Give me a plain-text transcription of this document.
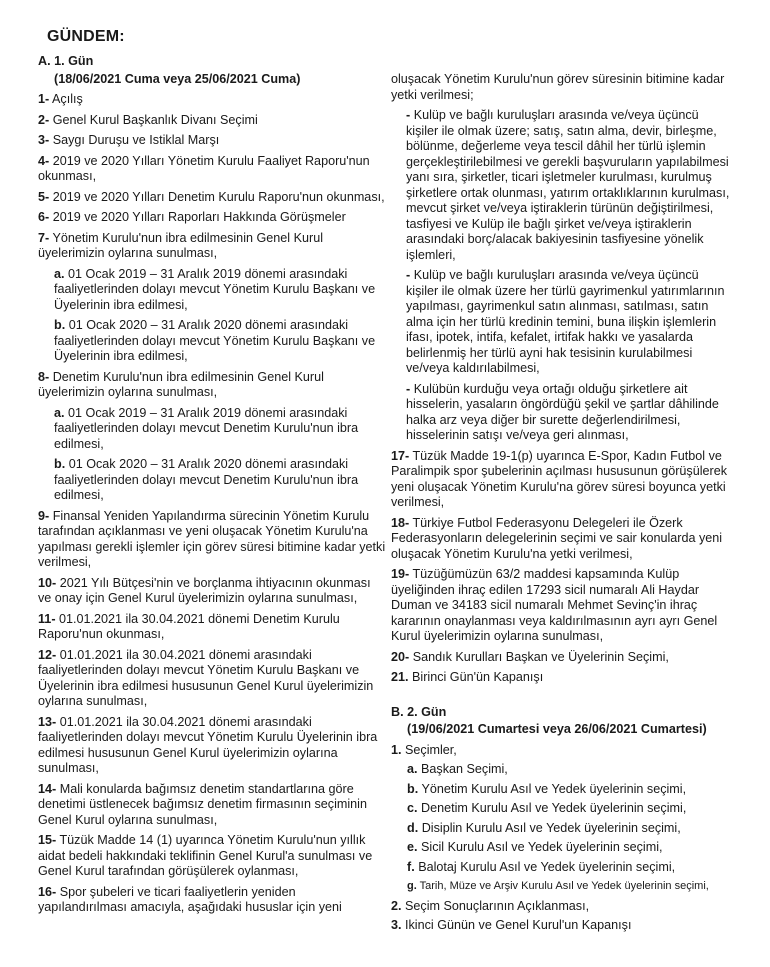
GÜNDEM:
A. 1. Gün
(18/06/2021 Cuma veya 25/06/2021 Cuma)
1- Açılış
2- Genel Kurul Başkanlık Divanı Seçimi
3- Saygı Duruşu ve Istiklal Marşı
4- 2019 ve 2020 Yılları Yönetim Kurulu Faaliyet Raporu'nun okunması,
5- 2019 ve 2020 Yılları Denetim Kurulu Raporu'nun okunması,
6- 2019 ve 2020 Yılları Raporları Hakkında Görüşmeler
7- Yönetim Kurulu'nun ibra edilmesinin Genel Kurul üyelerimizin oylarına sunulması,
a. 01 Ocak 2019 – 31 Aralık 2019 dönemi arasındaki faaliyetlerinden dolayı mevcut Yönetim Kurulu Başkanı ve Üyelerinin ibra edilmesi,
b. 01 Ocak 2020 – 31 Aralık 2020 dönemi arasındaki faaliyetlerinden dolayı mevcut Yönetim Kurulu Başkanı ve Üyelerinin ibra edilmesi,
8- Denetim Kurulu'nun ibra edilmesinin Genel Kurul üyelerimizin oylarına sunulması,
a. 01 Ocak 2019 – 31 Aralık 2019 dönemi arasındaki faaliyetlerinden dolayı mevcut Denetim Kurulu'nun ibra edilmesi,
b. 01 Ocak 2020 – 31 Aralık 2020 dönemi arasındaki faaliyetlerinden dolayı mevcut Denetim Kurulu'nun ibra edilmesi,
9- Finansal Yeniden Yapılandırma sürecinin Yönetim Kurulu tarafından açıklanması ve yeni oluşacak Yönetim Kurulu'na yapılması gerekli işlemler için görev süresi bitimine kadar yetki verilmesi,
10- 2021 Yılı Bütçesi'nin ve borçlanma ihtiyacının okunması ve onay için Genel Kurul üyelerimizin oylarına sunulması,
11- 01.01.2021 ila 30.04.2021 dönemi Denetim Kurulu Raporu'nun okunması,
12- 01.01.2021 ila 30.04.2021 dönemi arasındaki faaliyetlerinden dolayı mevcut Yönetim Kurulu Başkanı ve Üyelerinin ibra edilmesi hususunun Genel Kurul üyelerimizin oylarına sunulması,
13- 01.01.2021 ila 30.04.2021 dönemi arasındaki faaliyetlerinden dolayı mevcut Yönetim Kurulu Üyelerinin ibra edilmesi hususunun Genel Kurul üyelerimizin oylarına sunulması,
14- Mali konularda bağımsız denetim standartlarına göre denetimi üstlenecek bağımsız denetim firmasının seçiminin Genel Kurul oylarına sunulması,
15- Tüzük Madde 14 (1) uyarınca Yönetim Kurulu'nun yıllık aidat bedeli hakkındaki teklifinin Genel Kurul'a sunulması ve Genel Kurul tarafından görüşülerek oylanması,
16- Spor şubeleri ve ticari faaliyetlerin yeniden yapılandırılması amacıyla, aşağıdaki hususlar için yeni
oluşacak Yönetim Kurulu'nun görev süresinin bitimine kadar yetki verilmesi;
- Kulüp ve bağlı kuruluşları arasında ve/veya üçüncü kişiler ile olmak üzere; satış, satın alma, devir, birleşme, bölünme, değerleme veya tescil dâhil her türlü işlemin gerçekleştirilebilmesi ve gerekli başvuruların yapılabilmesi yanı sıra, şirketler, ticari işletmeler kurulması, kurulmuş şirketlere ortak olunması, yatırım ortaklıklarının kurulması, mevcut şirket ve/veya iştiraklerin türünün değiştirilmesi, tasfiyesi ve Kulüp ile bağlı şirket ve/veya iştiraklerin arasındaki borç/alacak bakiyesinin tasfiyesine yönelik işlemleri,
- Kulüp ve bağlı kuruluşları arasında ve/veya üçüncü kişiler ile olmak üzere her türlü gayrimenkul yatırımlarının yapılması, gayrimenkul satın alınması, satılması, satın alma için her türlü kredinin temini, buna ilişkin işlemlerin ifası, ipotek, intifa, kefalet, irtifak hakkı ve yasalarda belirlenmiş her türlü ayni hak tesisinin kurulabilmesi ve/veya kaldırılabilmesi,
- Kulübün kurduğu veya ortağı olduğu şirketlere ait hisselerin, yasaların öngördüğü şekil ve şartlar dâhilinde halka arz veya diğer bir surette değerlendirilmesi, hisselerinin satışı ve/veya geri alınması,
17- Tüzük Madde 19-1(p) uyarınca E-Spor, Kadın Futbol ve Paralimpik spor şubelerinin açılması hususunun görüşülerek yeni oluşacak Yönetim Kurulu'na görev süresi boyunca yetki verilmesi,
18- Türkiye Futbol Federasyonu Delegeleri ile Özerk Federasyonların delegelerinin seçimi ve sair konularda yeni oluşacak Yönetim Kurulu'na yetki verilmesi,
19- Tüzüğümüzün 63/2 maddesi kapsamında Kulüp üyeliğinden ihraç edilen 17293 sicil numaralı Ali Haydar Duman ve 34183 sicil numaralı Mehmet Sevinç'in ihraç kararının onaylanması veya kaldırılmasının ayrı ayrı Genel Kurul üyelerimizin oylarına sunulması,
20- Sandık Kurulları Başkan ve Üyelerinin Seçimi,
21. Birinci Gün'ün Kapanışı
B. 2. Gün
(19/06/2021 Cumartesi veya 26/06/2021 Cumartesi)
1. Seçimler,
a. Başkan Seçimi,
b. Yönetim Kurulu Asıl ve Yedek üyelerinin seçimi,
c. Denetim Kurulu Asıl ve Yedek üyelerinin seçimi,
d. Disiplin Kurulu Asıl ve Yedek üyelerinin seçimi,
e. Sicil Kurulu Asıl ve Yedek üyelerinin seçimi,
f. Balotaj Kurulu Asıl ve Yedek üyelerinin seçimi,
g. Tarih, Müze ve Arşiv Kurulu Asıl ve Yedek üyelerinin seçimi,
2. Seçim Sonuçlarının Açıklanması,
3. Ikinci Günün ve Genel Kurul'un Kapanışı
